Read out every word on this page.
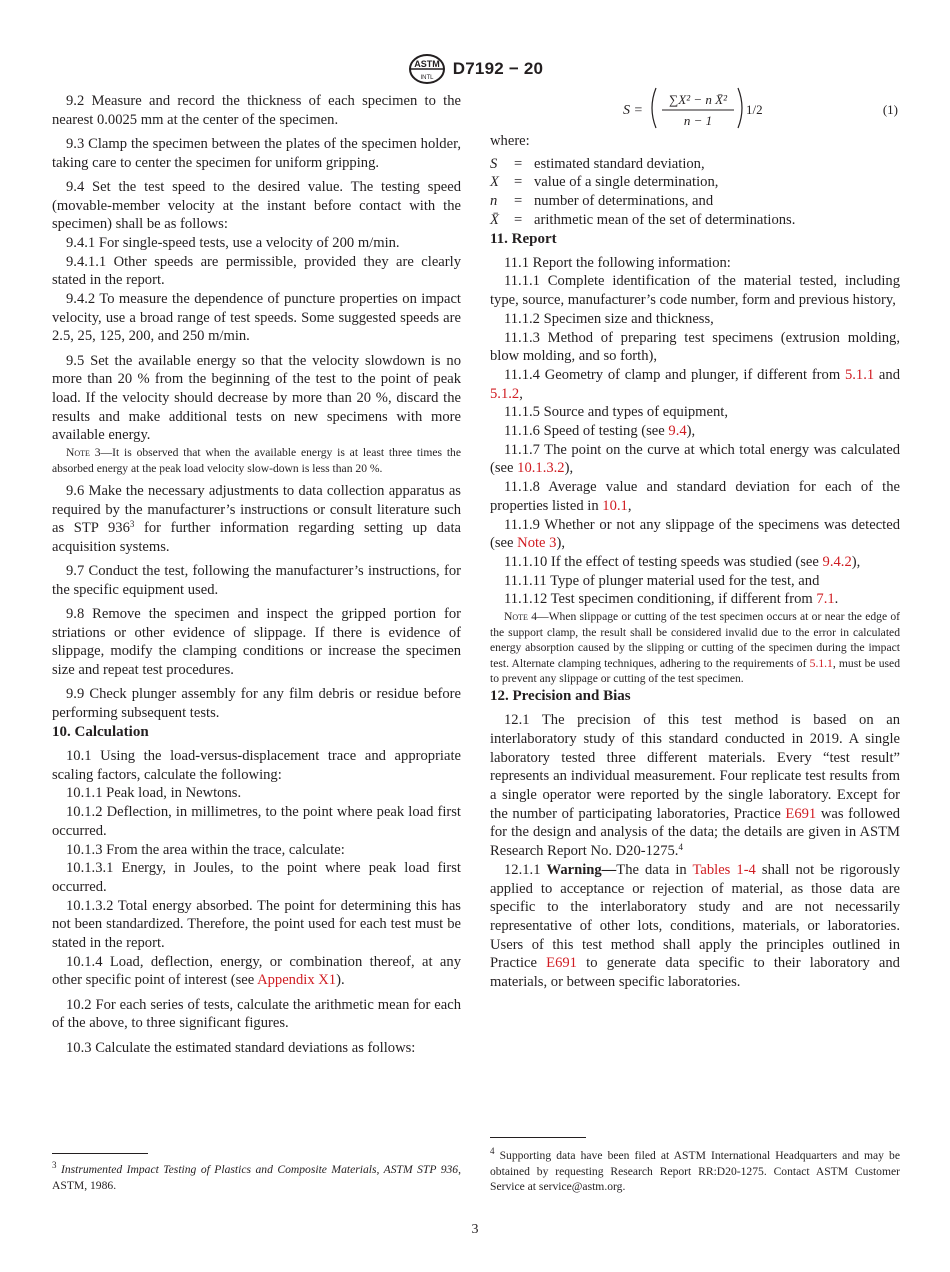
ASTM
INTL D7192 − 20

9.2 Measure and record the thickness of each specimen to the nearest 0.0025 mm at the center of the specimen.

9.3 Clamp the specimen between the plates of the specimen holder, taking care to center the specimen for uniform gripping.

9.4 Set the test speed to the desired value. The testing speed (movable-member velocity at the instant before contact with the specimen) shall be as follows:

9.4.1 For single-speed tests, use a velocity of 200 m/min.

9.4.1.1 Other speeds are permissible, provided they are clearly stated in the report.

9.4.2 To measure the dependence of puncture properties on impact velocity, use a broad range of test speeds. Some suggested speeds are 2.5, 25, 125, 200, and 250 m/min.

9.5 Set the available energy so that the velocity slowdown is no more than 20 % from the beginning of the test to the point of peak load. If the velocity should decrease by more than 20 %, discard the results and make additional tests on new specimens with more available energy.

Note 3—It is observed that when the available energy is at least three times the absorbed energy at the peak load velocity slow-down is less than 20 %.

9.6 Make the necessary adjustments to data collection apparatus as required by the manufacturer’s instructions or consult literature such as STP $936^3$ for further information regarding setting up data acquisition systems.

9.7 Conduct the test, following the manufacturer’s instructions, for the specific equipment used.

9.8 Remove the specimen and inspect the gripped portion for striations or other evidence of slippage. If there is evidence of slippage, modify the clamping conditions or increase the specimen size and repeat test procedures.

9.9 Check plunger assembly for any film debris or residue before performing subsequent tests.

10. Calculation

10.1 Using the load-versus-displacement trace and appropriate scaling factors, calculate the following:

10.1.1 Peak load, in Newtons.

10.1.2 Deflection, in millimetres, to the point where peak load first occurred.

10.1.3 From the area within the trace, calculate:

10.1.3.1 Energy, in Joules, to the point where peak load first occurred.

10.1.3.2 Total energy absorbed. The point for determining this has not been standardized. Therefore, the point used for each test must be stated in the report.

10.1.4 Load, deflection, energy, or combination thereof, at any other specific point of interest (see Appendix X1).

10.2 For each series of tests, calculate the arithmetic mean for each of the above, to three significant figures.

10.3 Calculate the estimated standard deviations as follows:

S =
∑X² − n X̄²
n − 1
1/2	(1)

where:

S	= estimated standard deviation,
X	= value of a single determination,
n	= number of determinations, and
X̄	= arithmetic mean of the set of determinations.

11. Report

11.1 Report the following information:

11.1.1 Complete identification of the material tested, including type, source, manufacturer’s code number, form and previous history,

11.1.2 Specimen size and thickness,

11.1.3 Method of preparing test specimens (extrusion molding, blow molding, and so forth),

11.1.4 Geometry of clamp and plunger, if different from 5.1.1 and 5.1.2,

11.1.5 Source and types of equipment,

11.1.6 Speed of testing (see 9.4),

11.1.7 The point on the curve at which total energy was calculated (see 10.1.3.2),

11.1.8 Average value and standard deviation for each of the properties listed in 10.1,

11.1.9 Whether or not any slippage of the specimens was detected (see Note 3),

11.1.10 If the effect of testing speeds was studied (see 9.4.2),

11.1.11 Type of plunger material used for the test, and

11.1.12 Test specimen conditioning, if different from 7.1.

Note 4—When slippage or cutting of the test specimen occurs at or near the edge of the support clamp, the result shall be considered invalid due to the error in calculated energy absorption caused by the slipping or cutting of the specimen during the impact test. Alternate clamping techniques, adhering to the requirements of 5.1.1, must be used to prevent any slippage or cutting of the test specimen.

12. Precision and Bias

12.1 The precision of this test method is based on an interlaboratory study of this standard conducted in 2019. A single laboratory tested three different materials. Every “test result” represents an individual measurement. Four replicate test results from a single operator were reported by the single laboratory. Except for the number of participating laboratories, Practice E691 was followed for the design and analysis of the data; the details are given in ASTM Research Report No. D20-1275.$^4$

12.1.1 Warning—The data in Tables 1-4 shall not be rigorously applied to acceptance or rejection of material, as those data are specific to the interlaboratory study and are not necessarily representative of other lots, conditions, materials, or laboratories. Users of this test method shall apply the principles outlined in Practice E691 to generate data specific to their laboratory and materials, or between specific laboratories.

$^3$ Instrumented Impact Testing of Plastics and Composite Materials, ASTM STP 936, ASTM, 1986.

$^4$ Supporting data have been filed at ASTM International Headquarters and may be obtained by requesting Research Report RR:D20-1275. Contact ASTM Customer Service at service@astm.org.

3
